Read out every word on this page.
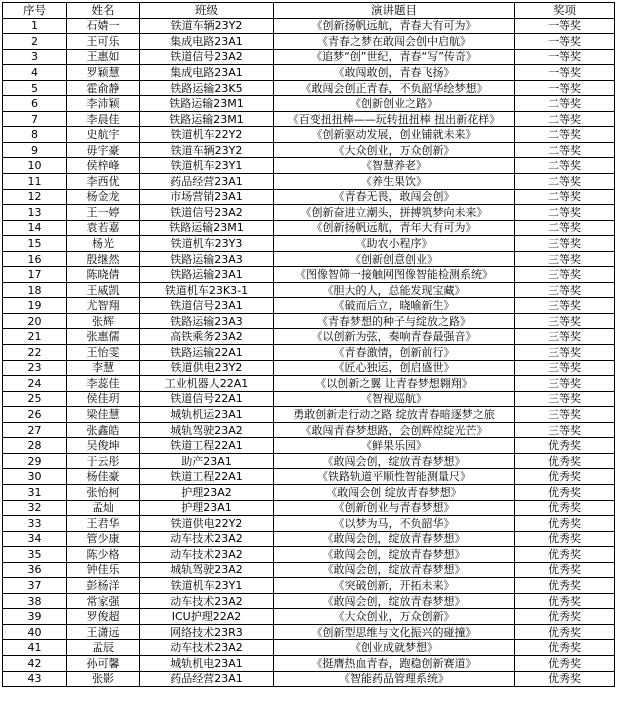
序号	姓名	班级	演讲题目	奖项
1	石婧一	铁道车辆23Y2	《创新扬帆远航，青春大有可为》	一等奖
2	王可乐	集成电路23A1	《青春之梦在敢闯会创中启航》	一等奖
3	王惠如	铁道信号23A2	《追梦“创”世纪，青春“写”传奇》	一等奖
4	罗颖慧	集成电路23A1	《敢闯敢创，青春飞扬》	一等奖
5	霍俞静	铁路运输23K5	《敢闯会创正青春，不负韶华绘梦想》	一等奖
6	李沛颖	铁路运输23M1	《创新创业之路》	二等奖
7	李晨佳	铁路运输23M1	《百变扭扭棒——玩转扭扭棒 扭出新花样》	二等奖
8	史航宇	铁道机车22Y2	《创新驱动发展，创业铺就未来》	二等奖
9	毋宇豪	铁道车辆23Y2	《大众创业，万众创新》	二等奖
10	侯梓峰	铁道机车23Y1	《智慧养老》	二等奖
11	李西优	药品经营23A1	《养生果饮》	二等奖
12	杨金龙	市场营销23A1	《青春无畏，敢闯会创》	二等奖
13	王一婷	铁道信号23A2	《创新奋进立潮头，拼搏筑梦向未来》	二等奖
14	袁若嘉	铁路运输23M1	《创新扬帆远航，青年大有可为》	二等奖
15	杨光	铁道机车23Y3	《助农小程序》	三等奖
16	殷继然	铁路运输23A3	《创新创意创业》	三等奖
17	陈晓倩	铁路运输23A1	《图像智筛一接触网图像智能检测系统》	三等奖
18	王威凯	铁道机车23K3-1	《胆大的人，总能发现宝藏》	三等奖
19	尤智翔	铁道信号23A1	《破而后立，晓喻新生》	三等奖
20	张辉	铁路运输23A3	《青春梦想的种子与绽放之路》	三等奖
21	张惠儒	高铁乘务23A2	《以创新为弦，奏响青春最强音》	三等奖
22	王怡雯	铁路运输22A1	《青春激情，创新前行》	三等奖
23	李慧	铁道供电23Y2	《匠心独运，创启盛世》	三等奖
24	李蕊佳	工业机器人22A1	《以创新之翼 让青春梦想翱翔》	三等奖
25	侯佳玥	铁道信号22A1	《智视巡航》	三等奖
26	梁佳慧	城轨机运23A1	勇敢创新走行动之路 绽放青春暗逐梦之旅	三等奖
27	张鑫皓	城轨驾驶23A2	《敢闯青春梦想路，会创辉煌绽光芒》	三等奖
28	吴俊坤	铁道工程22A1	《鲜果乐园》	优秀奖
29	于云彤	助产23A1	《敢闯会创，绽放青春梦想》	优秀奖
30	杨佳豪	铁道工程22A1	《铁路轨道平顺性智能测量尺》	优秀奖
31	张怡柯	护理23A2	《敢闯会创 绽放青春梦想》	优秀奖
32	孟灿	护理23A1	《创新创业与青春梦想》	优秀奖
33	王君华	铁道供电22Y2	《以梦为马，不负韶华》	优秀奖
34	管少康	动车技术23A2	《敢闯会创，绽放青春梦想》	优秀奖
35	陈少格	动车技术23A2	《敢闯会创，绽放青春梦想》	优秀奖
36	钟佳乐	城轨驾驶23A2	《敢闯会创，绽放青春梦想》	优秀奖
37	彭杨洋	铁道机车23Y1	《突破创新，开拓未来》	优秀奖
38	常家强	动车技术23A2	《敢闯会创，绽放青春梦想》	优秀奖
39	罗俊超	ICU护理22A2	《大众创业，万众创新》	优秀奖
40	王潇远	网络技术23R3	《创新型思维与文化振兴的碰撞》	优秀奖
41	孟辰	动车技术23A2	《创业成就梦想》	优秀奖
42	孙可馨	城轨机电23A1	《挺膺热血青春，跑稳创新赛道》	优秀奖
43	张影	药品经营23A1	《智能药品管理系统》	优秀奖
